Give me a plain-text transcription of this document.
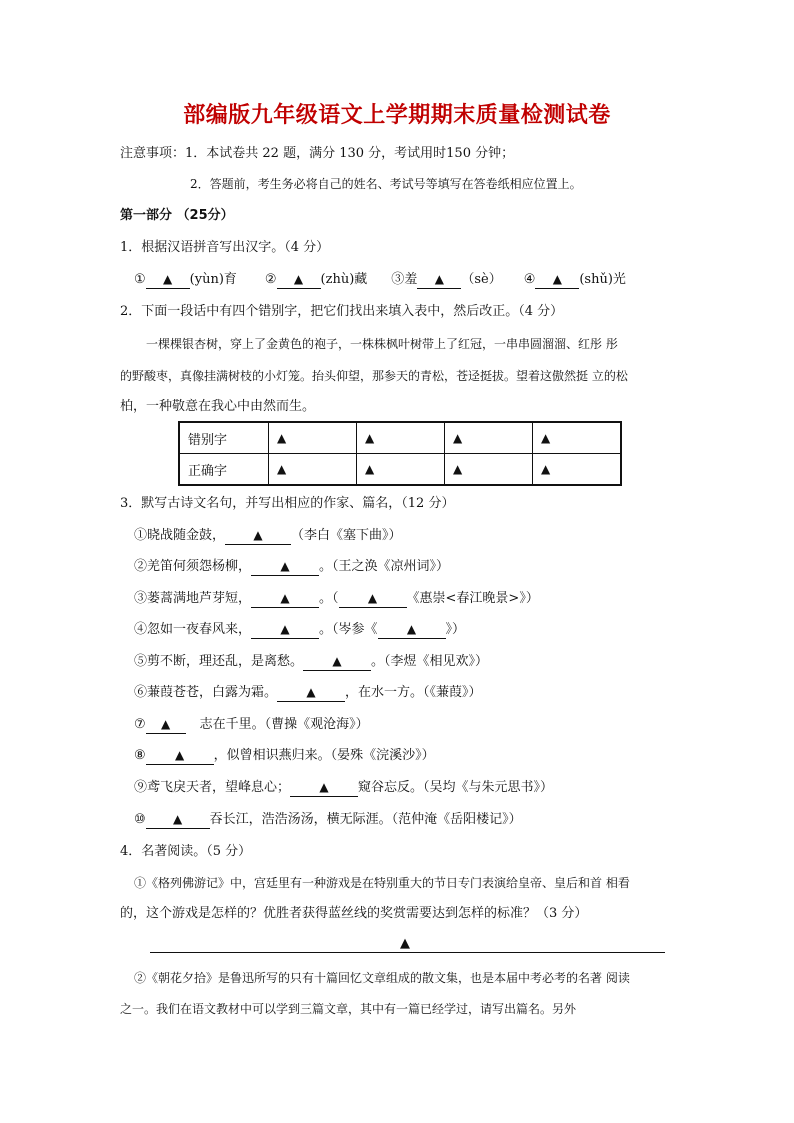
部编版九年级语文上学期期末质量检测试卷
注意事项：1．本试卷共 22 题，满分 130 分，考试用时150 分钟；
2．答题前，考生务必将自己的姓名、考试号等填写在答卷纸相应位置上。
第一部分 （25分）
1．根据汉语拼音写出汉字。（4 分）
① ▲ (yùn)育 ② ▲ (zhù)藏 ③羞 ▲ （sè） ④ ▲ (shǔ)光
2．下面一段话中有四个错别字，把它们找出来填入表中，然后改正。（4 分）
一棵棵银杏树，穿上了金黄色的袍子，一株株枫叶树带上了红冠，一串串圆溜溜、红彤 彤
的野酸枣，真像挂满树枝的小灯笼。抬头仰望，那参天的青松，苍迳挺拔。望着这傲然挺 立的松
柏，一种敬意在我心中由然而生。
错别字	▲	▲	▲	▲
正确字	▲	▲	▲	▲
3．默写古诗文名句，并写出相应的作家、篇名，（12 分）
①晓战随金鼓， ▲ （李白《塞下曲》）
②羌笛何须怨杨柳， ▲ 。（王之涣《凉州词》）
③蒌蒿满地芦芽短， ▲ 。（ ▲ 《惠崇<春江晚景>》）
④忽如一夜春风来， ▲ 。（岑参《 ▲ 》）
⑤剪不断，理还乱，是离愁。 ▲ 。（李煜《相见欢》）
⑥蒹葭苍苍，白露为霜。 ▲ ，在水一方。（《蒹葭》）
⑦ ▲ 志在千里。（曹操《观沧海》）
⑧ ▲ ，似曾相识燕归来。（晏殊《浣溪沙》）
⑨鸢飞戾天者，望峰息心； ▲ 窥谷忘反。（吴均《与朱元思书》）
⑩ ▲ 吞长江，浩浩汤汤，横无际涯。（范仲淹《岳阳楼记》）
4．名著阅读。（5 分）
①《格列佛游记》中，宫廷里有一种游戏是在特别重大的节日专门表演给皇帝、皇后和首 相看
的，这个游戏是怎样的？优胜者获得蓝丝线的奖赏需要达到怎样的标准？（3 分）
▲
②《朝花夕拾》是鲁迅所写的只有十篇回忆文章组成的散文集，也是本届中考必考的名著 阅读
之一。我们在语文教材中可以学到三篇文章，其中有一篇已经学过，请写出篇名。另外
